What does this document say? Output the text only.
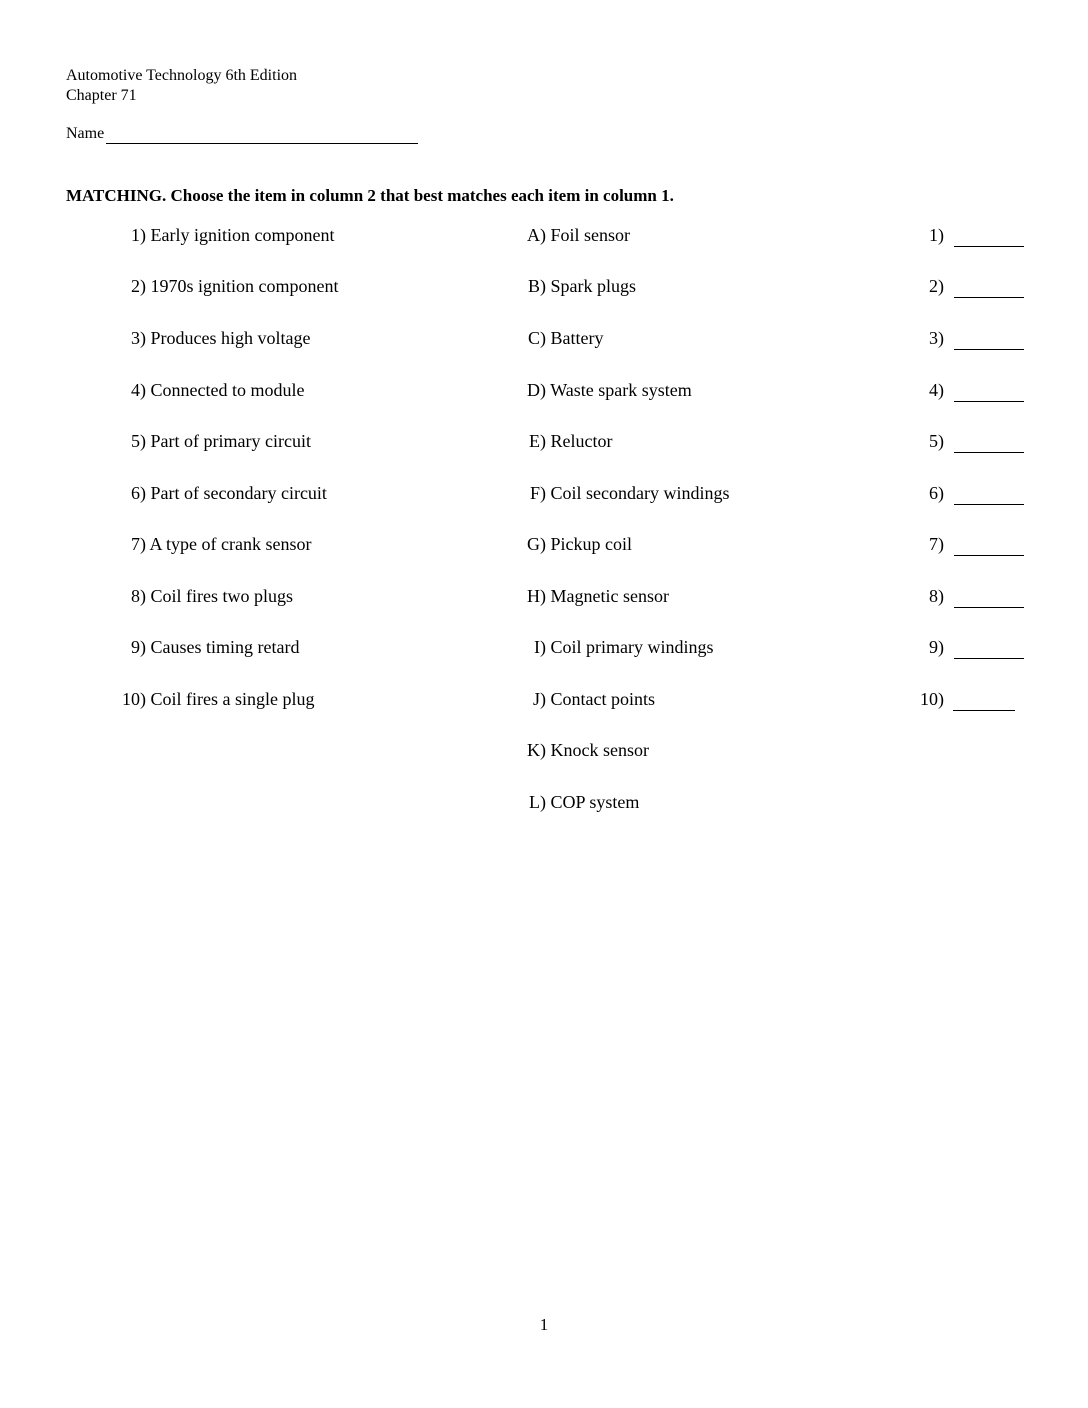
Automotive Technology 6th Edition
Chapter 71
Name
MATCHING. Choose the item in column 2 that best matches each item in column 1.
1) Early ignition component	A) Foil sensor	1)
2) 1970s ignition component	B) Spark plugs	2)
3) Produces high voltage	C) Battery	3)
4) Connected to module	D) Waste spark system	4)
5) Part of primary circuit	E) Reluctor	5)
6) Part of secondary circuit	F) Coil secondary windings	6)
7) A type of crank sensor	G) Pickup coil	7)
8) Coil fires two plugs	H) Magnetic sensor	8)
9) Causes timing retard	I) Coil primary windings	9)
10) Coil fires a single plug	J) Contact points	10)
K) Knock sensor
L) COP system
1
